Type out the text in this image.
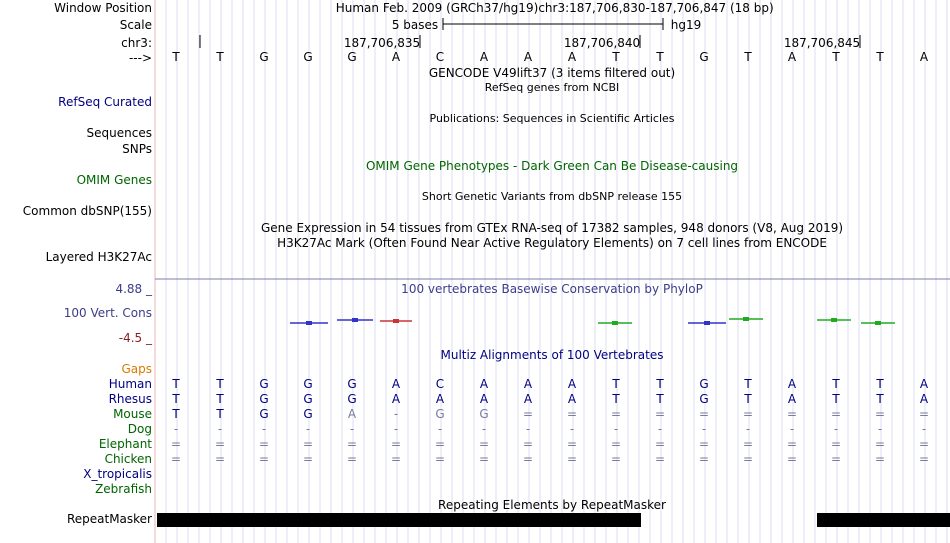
Window Position
Scale
chr3:
--->
Human Feb. 2009 (GRCh37/hg19) chr3:187,706,830-187,706,847 (18 bp)
5 bases	hg19
187,706,835	187,706,840	187,706,845
GENCODE V49lift37 (3 items filtered out)
RefSeq genes from NCBI
Publications: Sequences in Scientific Articles
OMIM Gene Phenotypes - Dark Green Can Be Disease-causing
Short Genetic Variants from dbSNP release 155
Gene Expression in 54 tissues from GTEx RNA-seq of 17382 samples, 948 donors (V8, Aug 2019)
H3K27Ac Mark (Often Found Near Active Regulatory Elements) on 7 cell lines from ENCODE
100 vertebrates Basewise Conservation by PhyloP
Multiz Alignments of 100 Vertebrates
Repeating Elements by RepeatMasker
RefSeq Curated
Sequences
SNPs
OMIM Genes
Common dbSNP(155)
Layered H3K27Ac
4.88 _
100 Vert. Cons
-4.5 _
Gaps
RepeatMasker
Human
Rhesus
Mouse
Dog
Elephant
Chicken
X_tropicalis
Zebrafish
T	T	G	G	G	A	C	A	A	A	T	T	G	T	A	T	T	A
T	T	G	G	G	A	C	A	A	A	T	T	G	T	A	T	T	A
T	T	G	G	G	A	A	A	A	A	T	T	G	T	A	T	T	A
T	T	G	G	A	-	G	G	=	=	=	=	=	=	=	=	=	=
-	-	-	-	-	-	-	-	-	-	-	-	-	-	-	-	-	-
=	=	=	=	=	=	=	=	=	=	=	=	=	=	=	=	=	=
=	=	=	=	=	=	=	=	=	=	=	=	=	=	=	=	=	=
